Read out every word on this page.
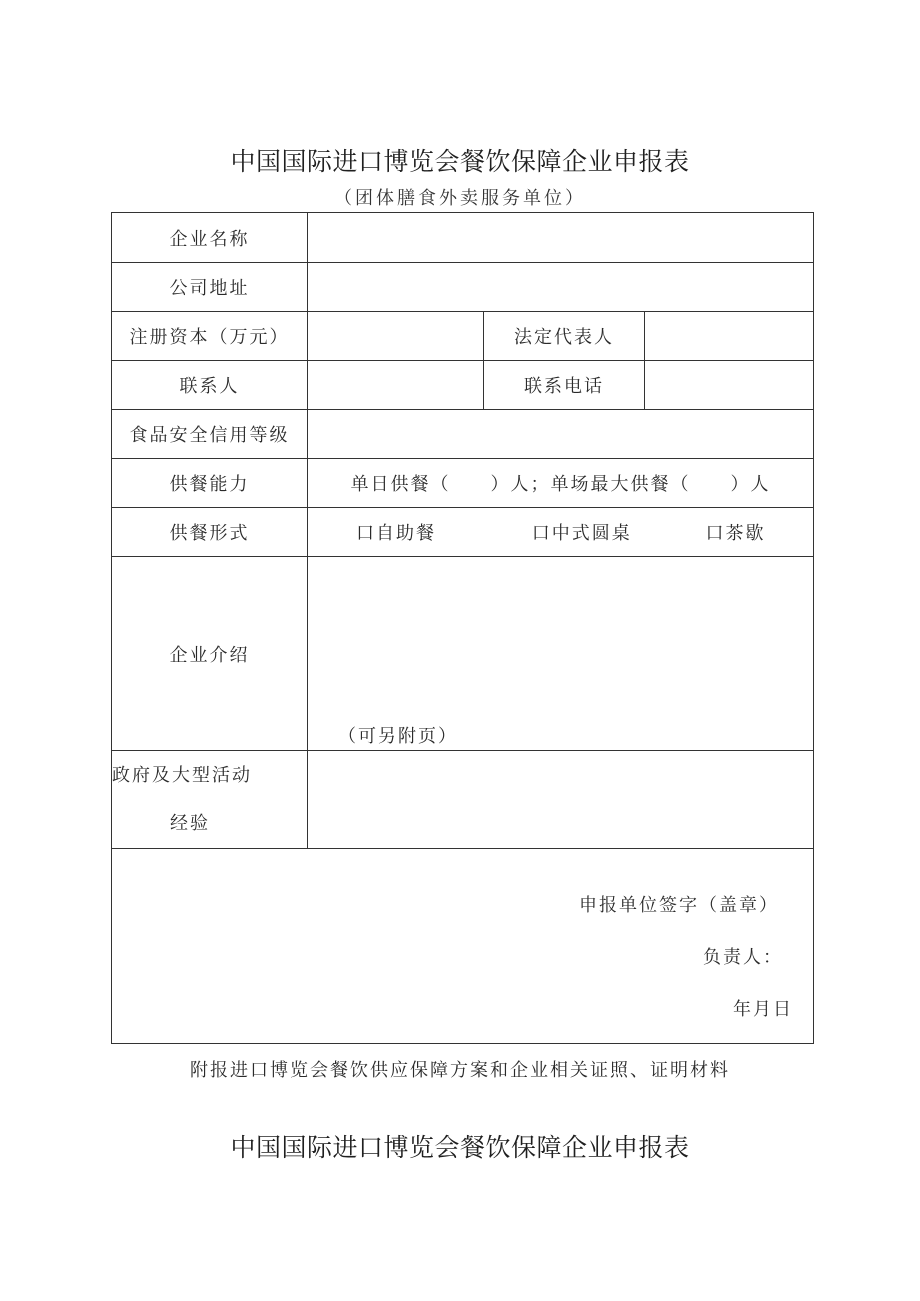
中国国际进口博览会餐饮保障企业申报表
（团体膳食外卖服务单位）
企业名称			
公司地址			
注册资本（万元）		法定代表人	
联系人		联系电话	
食品安全信用等级			
供餐能力	单日供餐（　　）人；单场最大供餐（　　）人		
供餐形式	口自助餐 口中式圆桌 口茶歇		
企业介绍	（可另附页）		

政府及大型活动
经验			

申报单位签字（盖章）
负责人：
年月日			
附报进口博览会餐饮供应保障方案和企业相关证照、证明材料
中国国际进口博览会餐饮保障企业申报表
